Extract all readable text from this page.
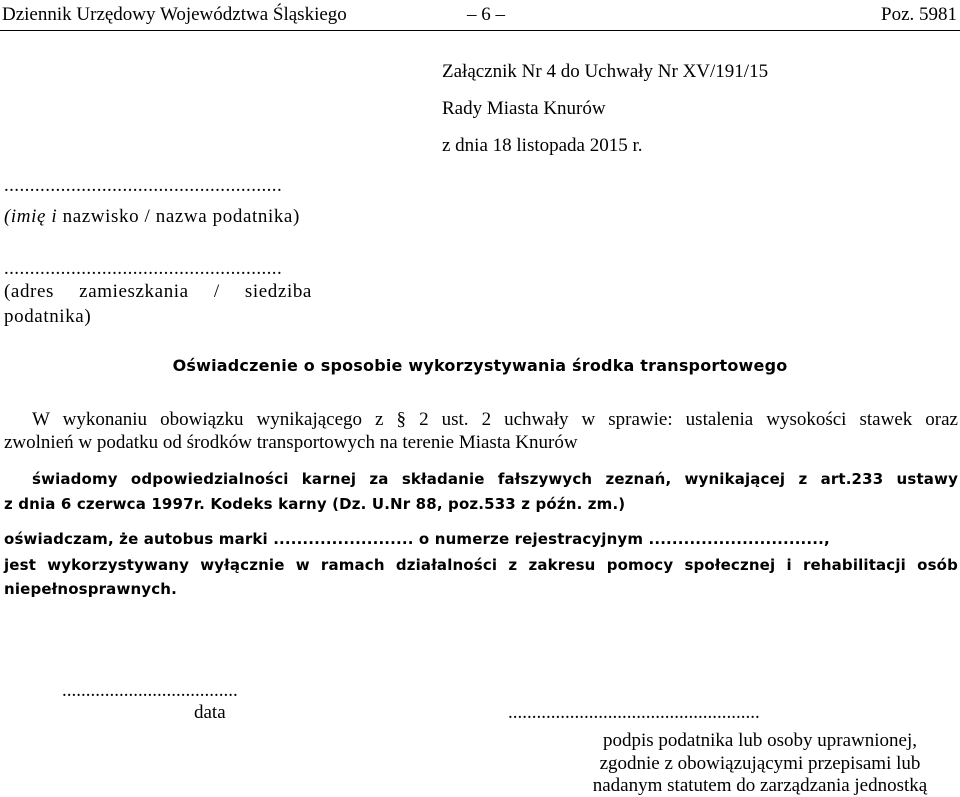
Dziennik Urzędowy Województwa Śląskiego	– 6 –	Poz. 5981
Załącznik Nr 4 do Uchwały Nr XV/191/15
Rady Miasta Knurów
z dnia 18 listopada 2015 r.
......................................................
(imię i nazwisko / nazwa podatnika)
......................................................
(adres zamieszkania / siedziba
podatnika)
Oświadczenie o sposobie wykorzystywania środka transportowego
W wykonaniu obowiązku wynikającego z § 2 ust. 2 uchwały w sprawie: ustalenia wysokości stawek oraz
zwolnień w podatku od środków transportowych na terenie Miasta Knurów
świadomy odpowiedzialności karnej za składanie fałszywych zeznań, wynikającej z art.233 ustawy
z dnia 6 czerwca 1997r. Kodeks karny (Dz. U.Nr 88, poz.533 z późn. zm.)
oświadczam, że autobus marki ........................ o numerze rejestracyjnym ..............................,
jest wykorzystywany wyłącznie w ramach działalności z zakresu pomocy społecznej i rehabilitacji osób
niepełnosprawnych.
.....................................
data	.....................................................
podpis podatnika lub osoby uprawnionej,
zgodnie z obowiązującymi przepisami lub
nadanym statutem do zarządzania jednostką
